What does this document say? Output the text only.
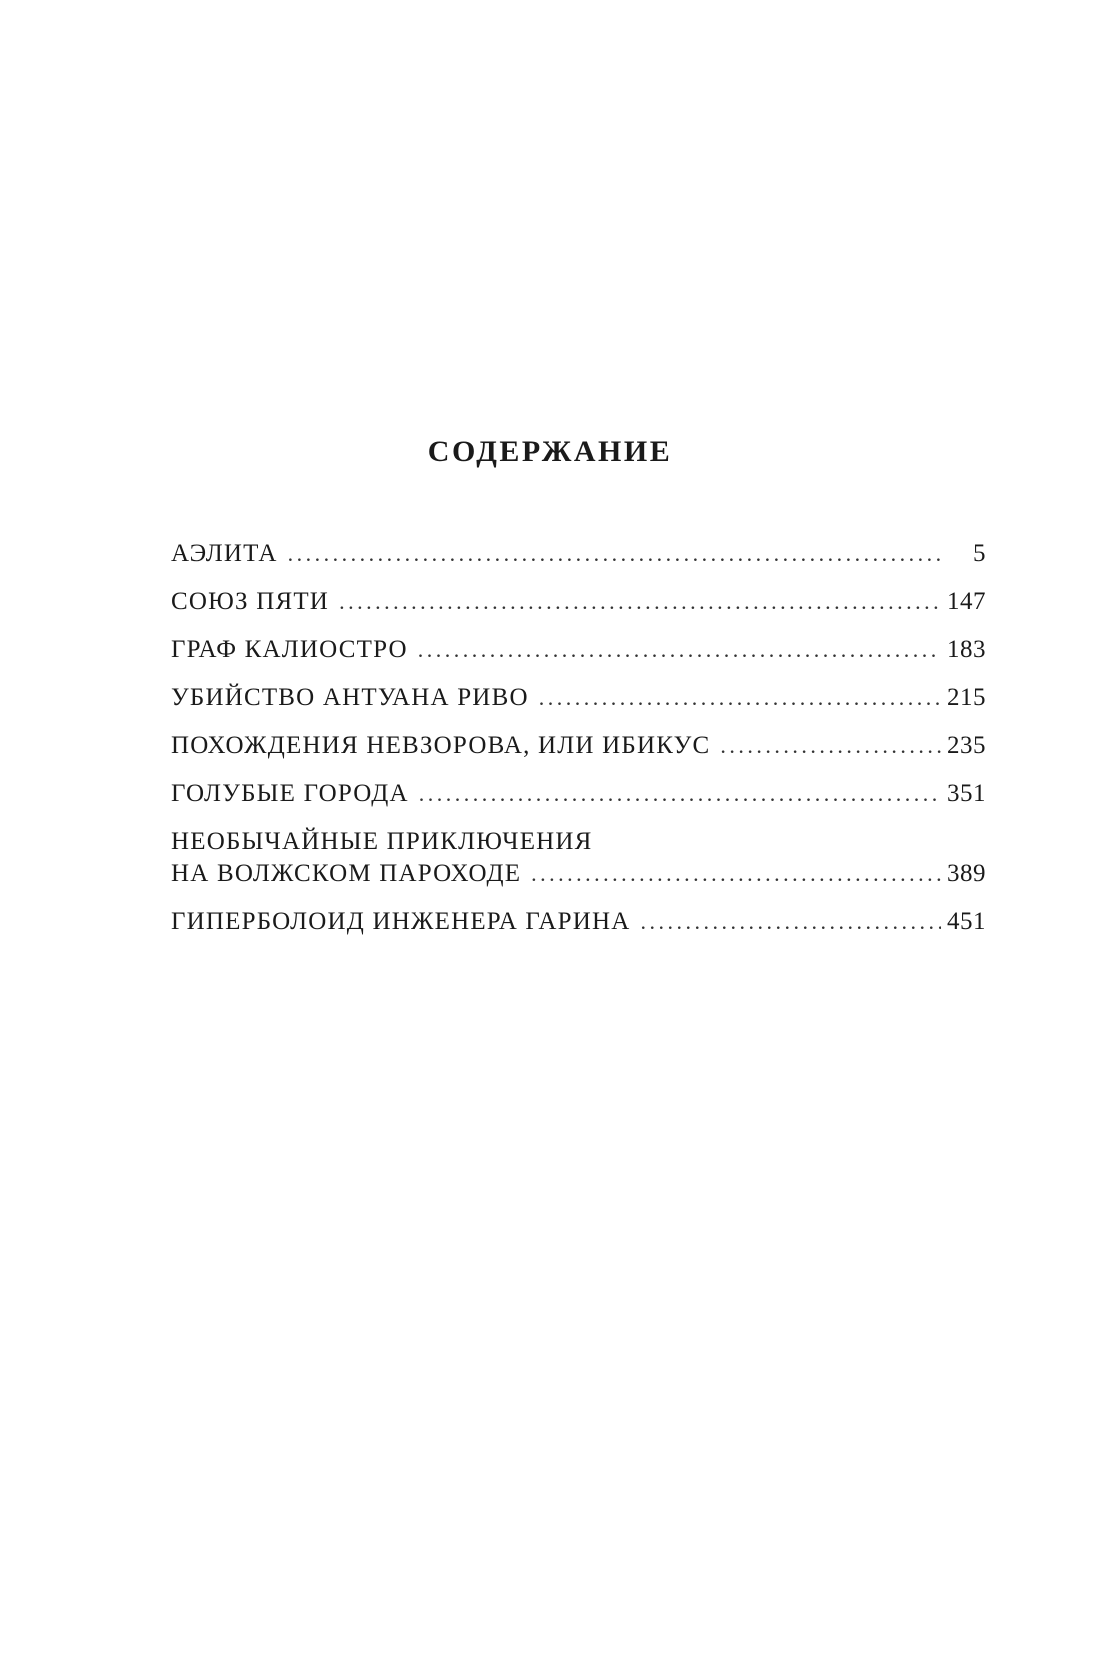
СОДЕРЖАНИЕ
АЭЛИТА . . .	5
СОЮЗ ПЯТИ . . .	147
ГРАФ КАЛИОСТРО . . .	183
УБИЙСТВО АНТУАНА РИВО . . .	215
ПОХОЖДЕНИЯ НЕВЗОРОВА, ИЛИ ИБИКУС . . .	235
ГОЛУБЫЕ ГОРОДА . . .	351
НЕОБЫЧАЙНЫЕ ПРИКЛЮЧЕНИЯ
НА ВОЛЖСКОМ ПАРОХОДЕ . . .	389
ГИПЕРБОЛОИД ИНЖЕНЕРА ГАРИНА . . .	451
